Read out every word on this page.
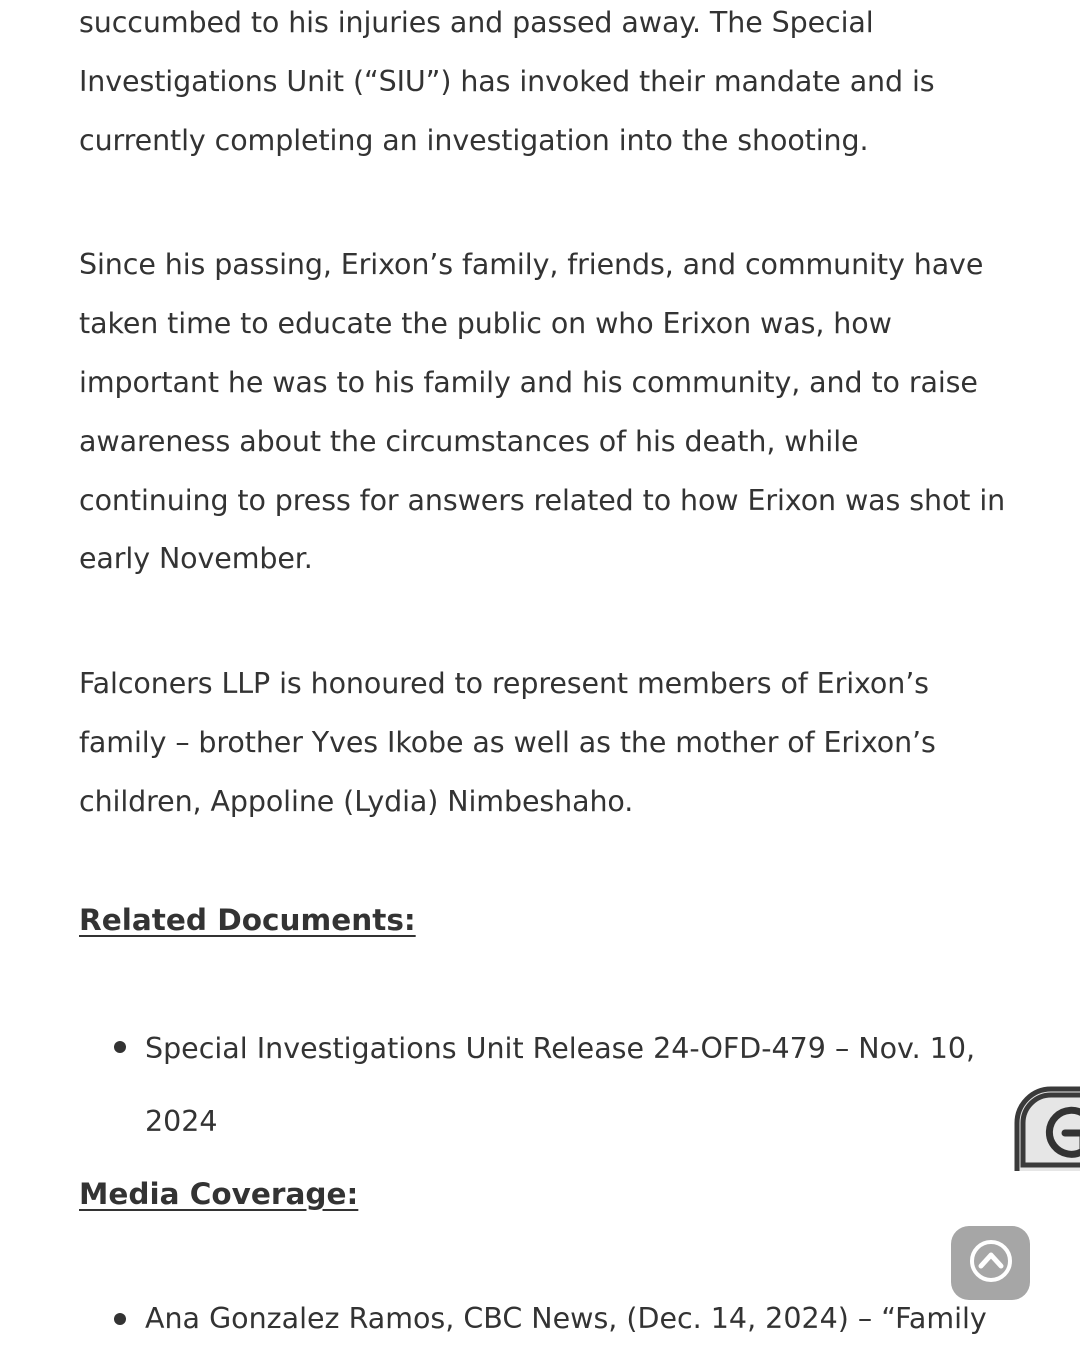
succumbed to his injuries and passed away. The Special Investigations Unit (“SIU”) has invoked their mandate and is currently completing an investigation into the shooting.

Since his passing, Erixon’s family, friends, and community have taken time to educate the public on who Erixon was, how important he was to his family and his community, and to raise awareness about the circumstances of his death, while continuing to press for answers related to how Erixon was shot in early November.

Falconers LLP is honoured to represent members of Erixon’s family – brother Yves Ikobe as well as the mother of Erixon’s children, Appoline (Lydia) Nimbeshaho.

Related Documents:
Special Investigations Unit Release 24-OFD-479 – Nov. 10, 2024
Media Coverage:
Ana Gonzalez Ramos, CBC News, (Dec. 14, 2024) – “Family
